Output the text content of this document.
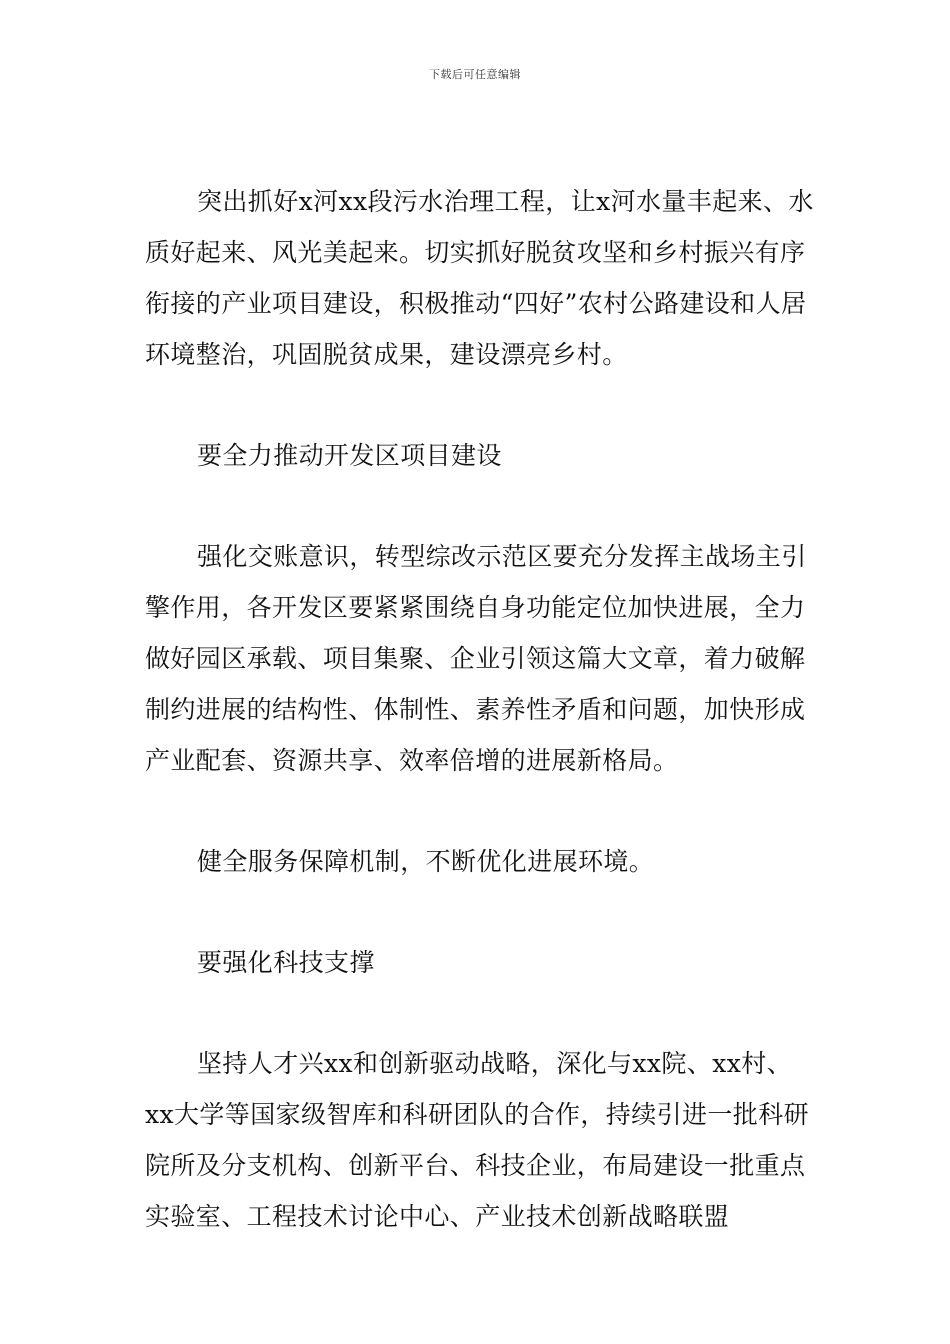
下载后可任意编辑

突出抓好x河xx段污水治理工程，让x河水量丰起来、水质好起来、风光美起来。切实抓好脱贫攻坚和乡村振兴有序衔接的产业项目建设，积极推动“四好”农村公路建设和人居环境整治，巩固脱贫成果，建设漂亮乡村。

要全力推动开发区项目建设

强化交账意识，转型综改示范区要充分发挥主战场主引擎作用，各开发区要紧紧围绕自身功能定位加快进展，全力做好园区承载、项目集聚、企业引领这篇大文章，着力破解制约进展的结构性、体制性、素养性矛盾和问题，加快形成产业配套、资源共享、效率倍增的进展新格局。

健全服务保障机制，不断优化进展环境。

要强化科技支撑

坚持人才兴xx和创新驱动战略，深化与xx院、xx村、xx大学等国家级智库和科研团队的合作，持续引进一批科研院所及分支机构、创新平台、科技企业，布局建设一批重点实验室、工程技术讨论中心、产业技术创新战略联盟
